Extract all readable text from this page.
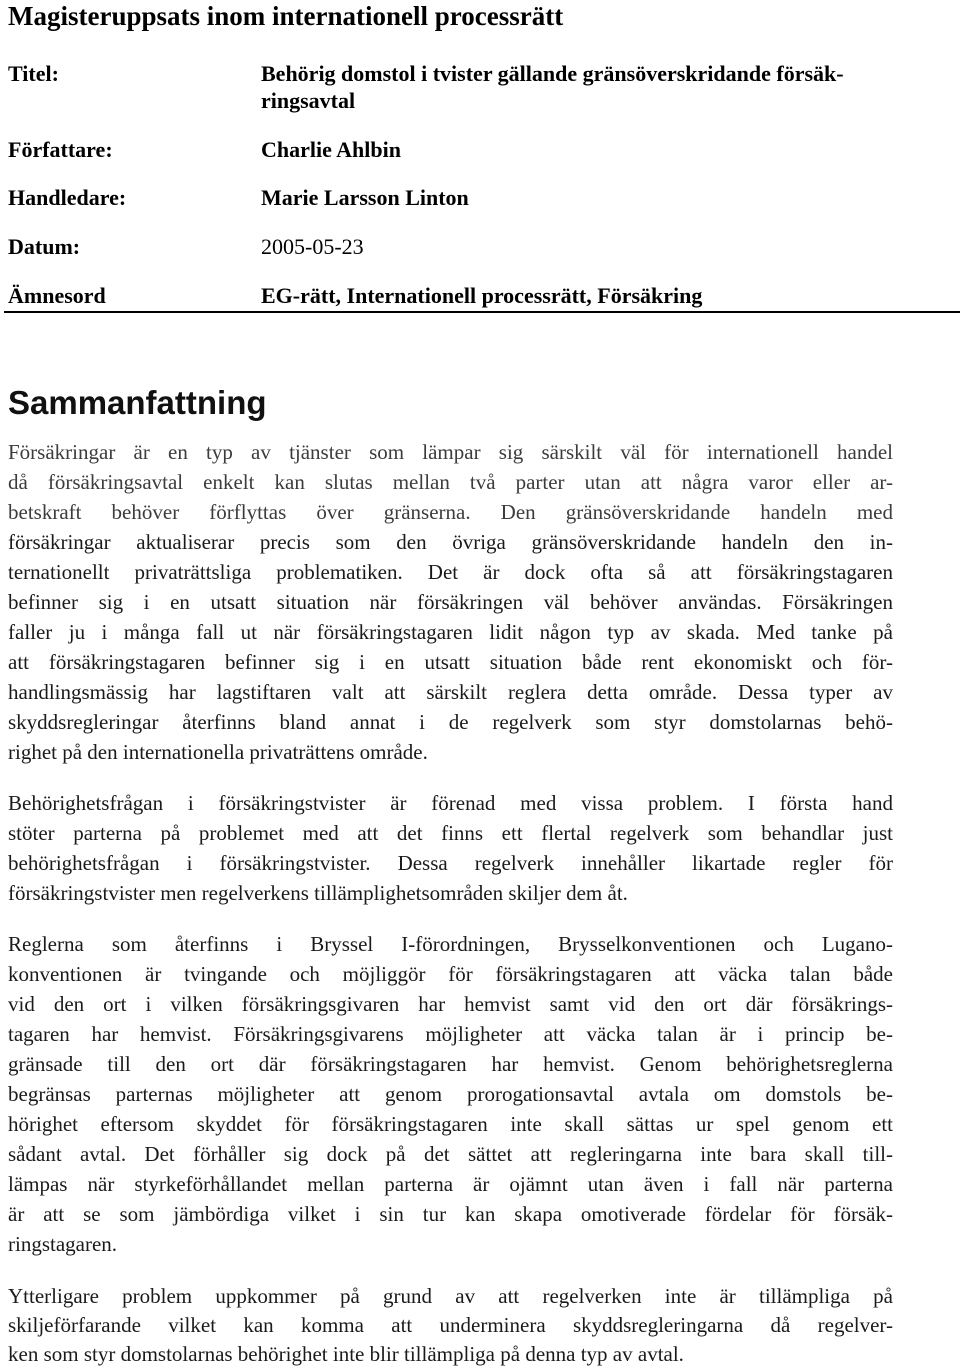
Magisteruppsats inom internationell processrätt
Titel:	Behörig domstol i tvister gällande gränsöverskridande försäk-
ringsavtal
Författare:	Charlie Ahlbin
Handledare:	Marie Larsson Linton
Datum:	2005-05-23
Ämnesord	EG-rätt, Internationell processrätt, Försäkring
Sammanfattning
Försäkringar är en typ av tjänster som lämpar sig särskilt väl för internationell handel
då försäkringsavtal enkelt kan slutas mellan två parter utan att några varor eller ar-
betskraft behöver förflyttas över gränserna. Den gränsöverskridande handeln med
försäkringar aktualiserar precis som den övriga gränsöverskridande handeln den in-
ternationellt privaträttsliga problematiken. Det är dock ofta så att försäkringstagaren
befinner sig i en utsatt situation när försäkringen väl behöver användas. Försäkringen
faller ju i många fall ut när försäkringstagaren lidit någon typ av skada. Med tanke på
att försäkringstagaren befinner sig i en utsatt situation både rent ekonomiskt och för-
handlingsmässig har lagstiftaren valt att särskilt reglera detta område. Dessa typer av
skyddsregleringar återfinns bland annat i de regelverk som styr domstolarnas behö-
righet på den internationella privaträttens område.
Behörighetsfrågan i försäkringstvister är förenad med vissa problem. I första hand
stöter parterna på problemet med att det finns ett flertal regelverk som behandlar just
behörighetsfrågan i försäkringstvister. Dessa regelverk innehåller likartade regler för
försäkringstvister men regelverkens tillämplighetsområden skiljer dem åt.
Reglerna som återfinns i Bryssel I-förordningen, Brysselkonventionen och Lugano-
konventionen är tvingande och möjliggör för försäkringstagaren att väcka talan både
vid den ort i vilken försäkringsgivaren har hemvist samt vid den ort där försäkrings-
tagaren har hemvist. Försäkringsgivarens möjligheter att väcka talan är i princip be-
gränsade till den ort där försäkringstagaren har hemvist. Genom behörighetsreglerna
begränsas parternas möjligheter att genom prorogationsavtal avtala om domstols be-
hörighet eftersom skyddet för försäkringstagaren inte skall sättas ur spel genom ett
sådant avtal. Det förhåller sig dock på det sättet att regleringarna inte bara skall till-
lämpas när styrkeförhållandet mellan parterna är ojämnt utan även i fall när parterna
är att se som jämbördiga vilket i sin tur kan skapa omotiverade fördelar för försäk-
ringstagaren.
Ytterligare problem uppkommer på grund av att regelverken inte är tillämpliga på
skiljeförfarande vilket kan komma att underminera skyddsregleringarna då regelver-
ken som styr domstolarnas behörighet inte blir tillämpliga på denna typ av avtal.
